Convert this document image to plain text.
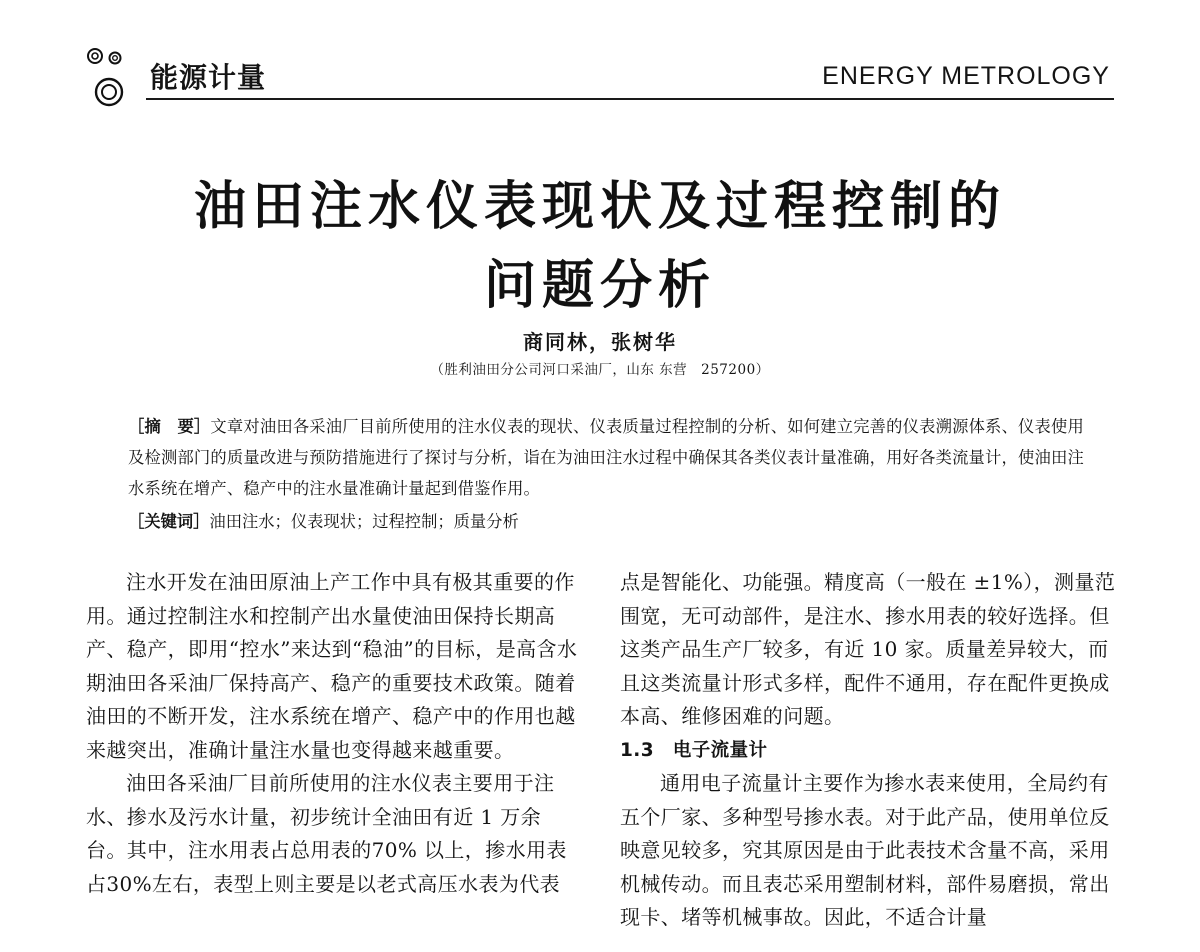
能源计量	ENERGY METROLOGY
油田注水仪表现状及过程控制的
问题分析
商同林，张树华
（胜利油田分公司河口采油厂，山东 东营　257200）
［摘　要］文章对油田各采油厂目前所使用的注水仪表的现状、仪表质量过程控制的分析、如何建立完善的仪表溯源体系、仪表使用及检测部门的质量改进与预防措施进行了探讨与分析，诣在为油田注水过程中确保其各类仪表计量准确，用好各类流量计，使油田注水系统在增产、稳产中的注水量准确计量起到借鉴作用。
［关键词］油田注水；仪表现状；过程控制；质量分析

注水开发在油田原油上产工作中具有极其重要的作用。通过控制注水和控制产出水量使油田保持长期高产、稳产，即用“控水”来达到“稳油”的目标，是高含水期油田各采油厂保持高产、稳产的重要技术政策。随着油田的不断开发，注水系统在增产、稳产中的作用也越来越突出，准确计量注水量也变得越来越重要。

油田各采油厂目前所使用的注水仪表主要用于注水、掺水及污水计量，初步统计全油田有近 1 万余台。其中，注水用表占总用表的70% 以上，掺水用表占30%左右，表型上则主要是以老式高压水表为代表

点是智能化、功能强。精度高（一般在 ±1%），测量范围宽，无可动部件，是注水、掺水用表的较好选择。但这类产品生产厂较多，有近 10 家。质量差异较大，而且这类流量计形式多样，配件不通用，存在配件更换成本高、维修困难的问题。

1.3　电子流量计

通用电子流量计主要作为掺水表来使用，全局约有五个厂家、多种型号掺水表。对于此产品，使用单位反映意见较多，究其原因是由于此表技术含量不高，采用机械传动。而且表芯采用塑制材料，部件易磨损，常出现卡、堵等机械事故。因此，不适合计量
